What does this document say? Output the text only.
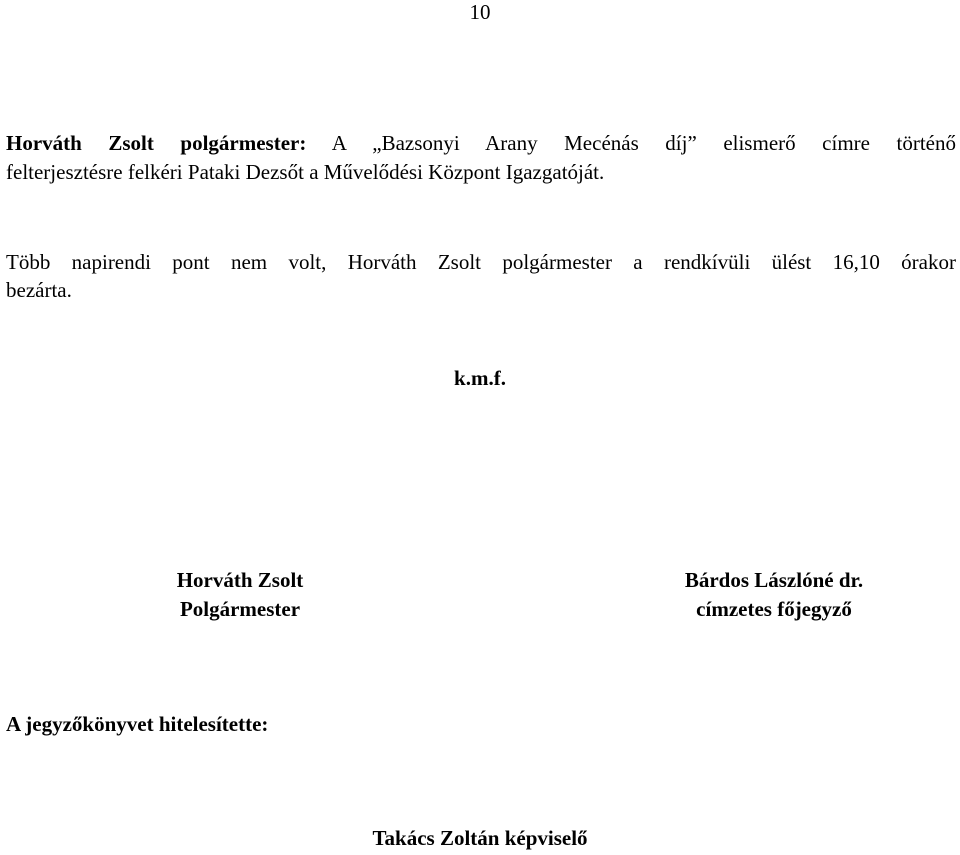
10
Horváth Zsolt polgármester: A „Bazsonyi Arany Mecénás díj” elismerő címre történő
felterjesztésre felkéri Pataki Dezsőt a Művelődési Központ Igazgatóját.
Több napirendi pont nem volt, Horváth Zsolt polgármester a rendkívüli ülést 16,10 órakor
bezárta.
k.m.f.
Horváth Zsolt
Polgármester
Bárdos Lászlóné dr.
címzetes főjegyző
A jegyzőkönyvet hitelesítette:
Takács Zoltán képviselő
